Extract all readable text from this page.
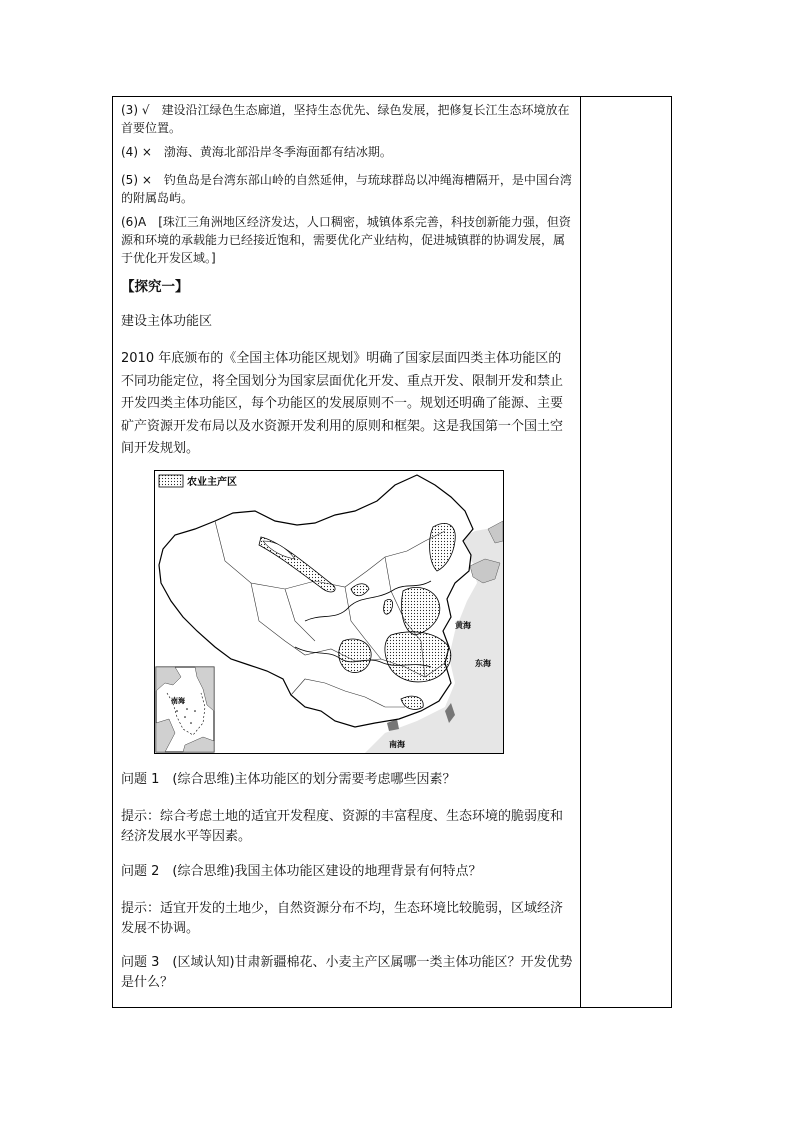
(3) √　建设沿江绿色生态廊道，坚持生态优先、绿色发展，把修复长江生态环境放在首要位置。

(4) ×　渤海、黄海北部沿岸冬季海面都有结冰期。

(5) ×　钓鱼岛是台湾东部山岭的自然延伸，与琉球群岛以冲绳海槽隔开，是中国台湾的附属岛屿。

(6)A　[珠江三角洲地区经济发达，人口稠密，城镇体系完善，科技创新能力强，但资源和环境的承载能力已经接近饱和，需要优化产业结构，促进城镇群的协调发展，属于优化开发区域。]

【探究一】

建设主体功能区

2010 年底颁布的《全国主体功能区规划》明确了国家层面四类主体功能区的不同功能定位，将全国划分为国家层面优化开发、重点开发、限制开发和禁止开发四类主体功能区，每个功能区的发展原则不一。规划还明确了能源、主要矿产资源开发布局以及水资源开发利用的原则和框架。这是我国第一个国土空间开发规划。

农业主产区
黄海
东海
南海
南海

问题 1　(综合思维)主体功能区的划分需要考虑哪些因素？

提示：综合考虑土地的适宜开发程度、资源的丰富程度、生态环境的脆弱度和经济发展水平等因素。

问题 2　(综合思维)我国主体功能区建设的地理背景有何特点？

提示：适宜开发的土地少，自然资源分布不均，生态环境比较脆弱，区域经济发展不协调。

问题 3　(区域认知)甘肃新疆棉花、小麦主产区属哪一类主体功能区？开发优势是什么？
